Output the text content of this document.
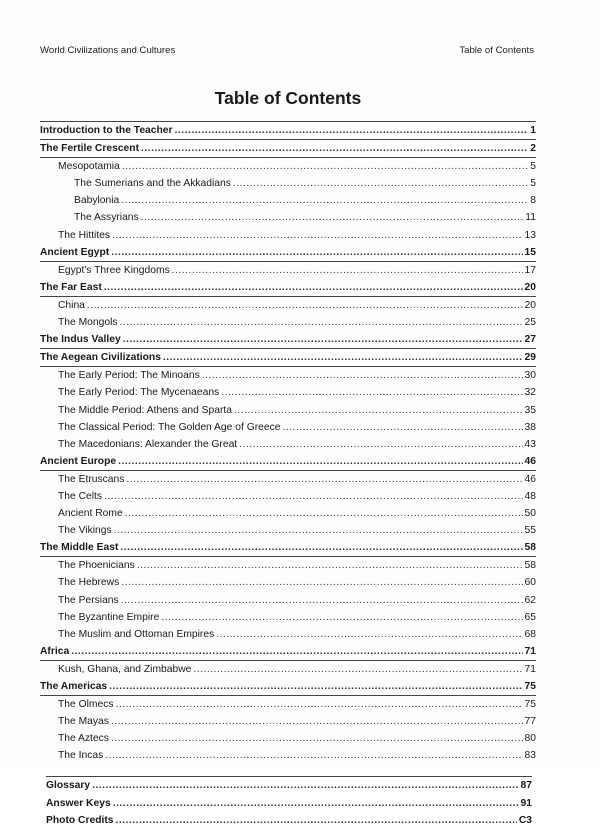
World Civilizations and Cultures	Table of Contents
Table of Contents
Introduction to the Teacher .....	1
The Fertile Crescent .....	2
Mesopotamia .....	5
The Sumerians and the Akkadians .....	5
Babylonia .....	8
The Assyrians .....	11
The Hittites .....	13
Ancient Egypt .....	15
Egypt's Three Kingdoms .....	17
The Far East .....	20
China .....	20
The Mongols .....	25
The Indus Valley .....	27
The Aegean Civilizations .....	29
The Early Period: The Minoans .....	30
The Early Period: The Mycenaeans .....	32
The Middle Period: Athens and Sparta .....	35
The Classical Period: The Golden Age of Greece .....	38
The Macedonians: Alexander the Great .....	43
Ancient Europe .....	46
The Etruscans .....	46
The Celts .....	48
Ancient Rome .....	50
The Vikings .....	55
The Middle East .....	58
The Phoenicians .....	58
The Hebrews .....	60
The Persians .....	62
The Byzantine Empire .....	65
The Muslim and Ottoman Empires .....	68
Africa .....	71
Kush, Ghana, and Zimbabwe .....	71
The Americas .....	75
The Olmecs .....	75
The Mayas .....	77
The Aztecs .....	80
The Incas .....	83
Glossary .....	87
Answer Keys .....	91
Photo Credits .....	C3
